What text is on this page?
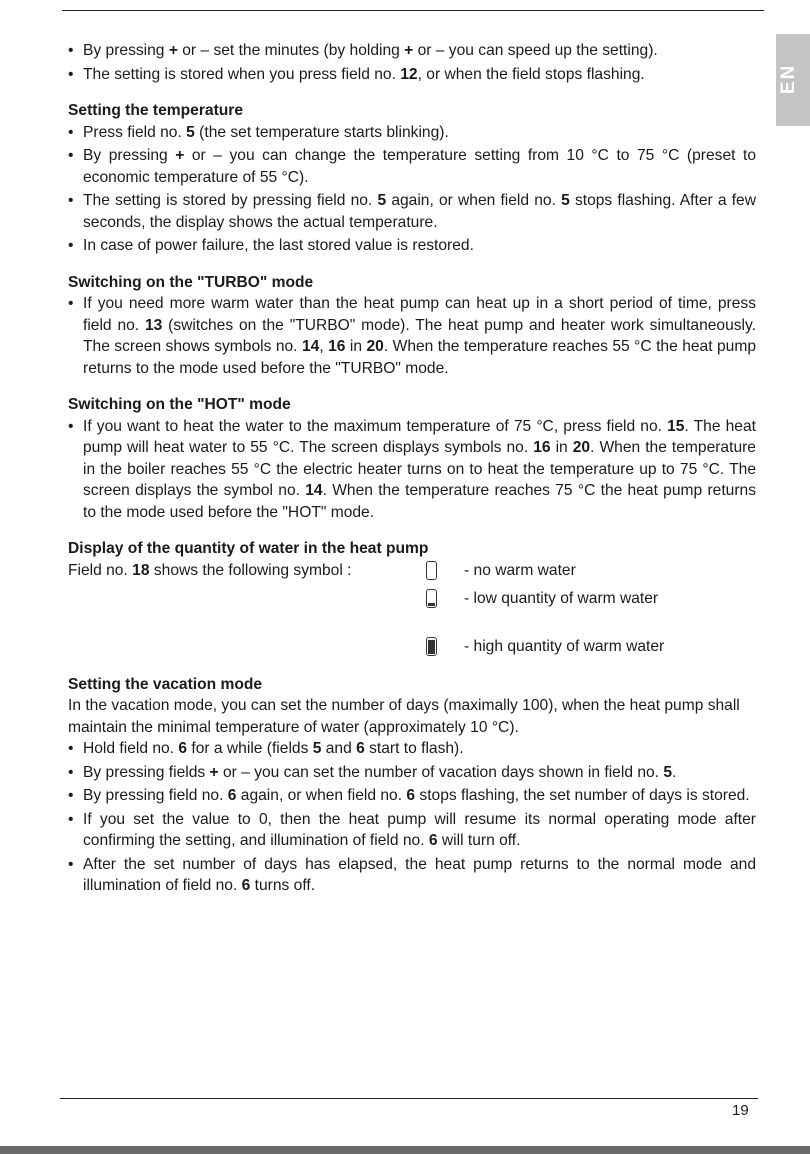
EN
• By pressing + or – set the minutes (by holding + or – you can speed up the setting).
• The setting is stored when you press field no. 12, or when the field stops flashing.
Setting the temperature
• Press field no. 5 (the set temperature starts blinking).
• By pressing + or – you can change the temperature setting from 10 °C to 75 °C (preset to economic temperature of 55 °C).
• The setting is stored by pressing field no. 5 again, or when field no. 5 stops flashing. After a few seconds, the display shows the actual temperature.
• In case of power failure, the last stored value is restored.
Switching on the "TURBO" mode
• If you need more warm water than the heat pump can heat up in a short period of time, press field no. 13 (switches on the "TURBO" mode). The heat pump and heater work simultaneously. The screen shows symbols no. 14, 16 in 20. When the temperature reaches 55 °C the heat pump returns to the mode used before the "TURBO" mode.
Switching on the "HOT" mode
• If you want to heat the water to the maximum temperature of 75 °C, press field no. 15. The heat pump will heat water to 55 °C. The screen displays symbols no. 16 in 20. When the temperature in the boiler reaches 55 °C the electric heater turns on to heat the temperature up to 75 °C. The screen displays the symbol no. 14. When the temperature reaches 75 °C the heat pump returns to the mode used before the "HOT" mode.
Display of the quantity of water in the heat pump
Field no. 18 shows the following symbol :	- no warm water
- low quantity of warm water
- high quantity of warm water
Setting the vacation mode

In the vacation mode, you can set the number of days (maximally 100), when the heat pump shall maintain the minimal temperature of water (approximately 10 °C).

• Hold field no. 6 for a while (fields 5 and 6 start to flash).
• By pressing fields + or – you can set the number of vacation days shown in field no. 5.
• By pressing field no. 6 again, or when field no. 6 stops flashing, the set number of days is stored.
• If you set the value to 0, then the heat pump will resume its normal operating mode after confirming the setting, and illumination of field no. 6 will turn off.
• After the set number of days has elapsed, the heat pump returns to the normal mode and illumination of field no. 6 turns off.
19
